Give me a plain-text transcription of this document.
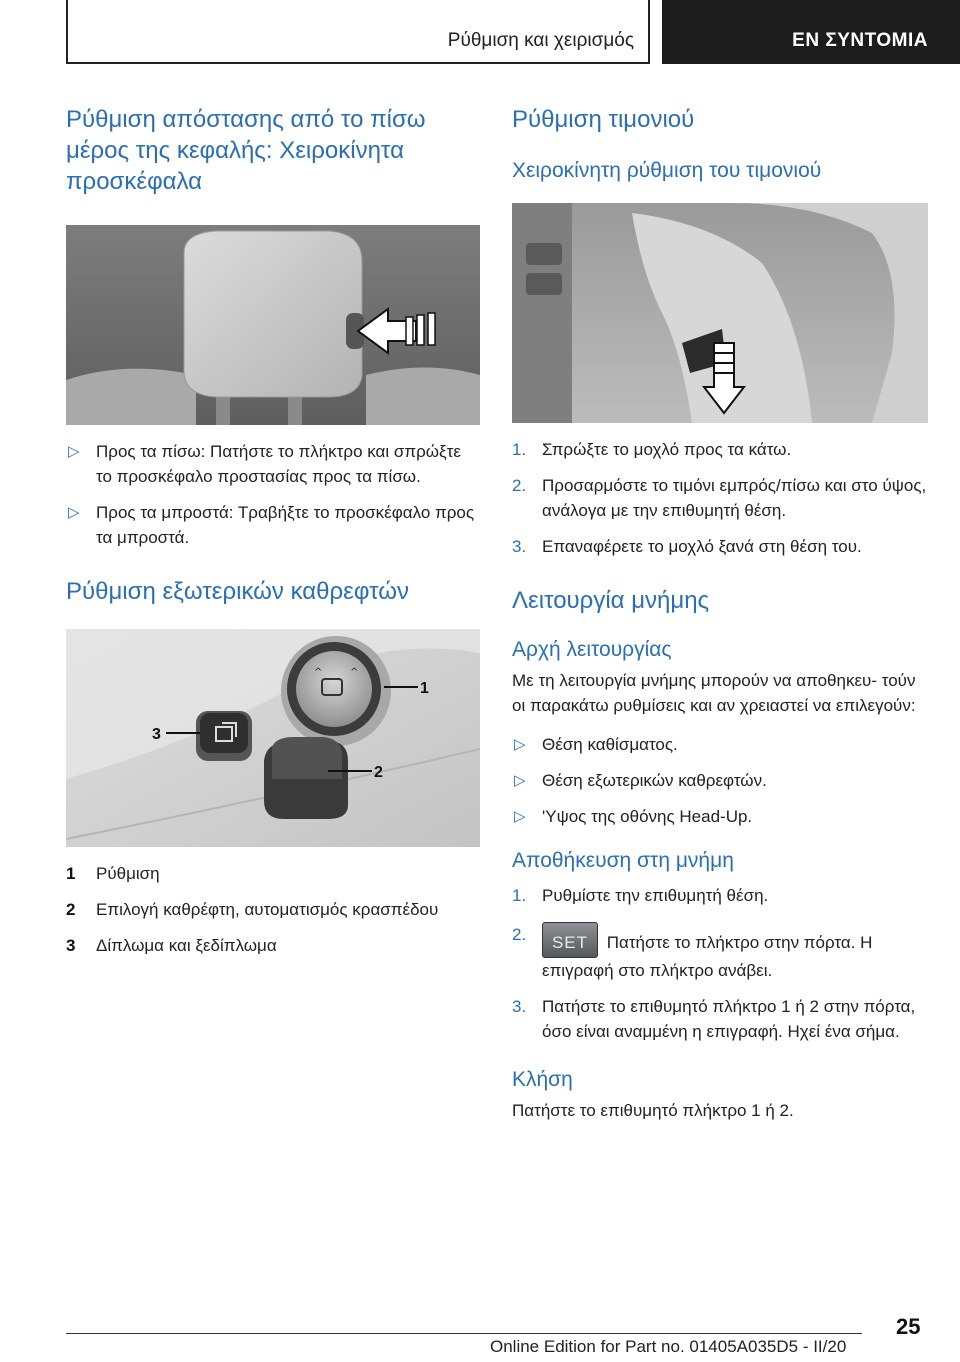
Ρύθμιση και χειρισμός	ΕΝ ΣΥΝΤΟΜΙΑ
Ρύθμιση απόστασης από το πίσω μέρος της κεφαλής: Χειροκίνητα προσκέφαλα
▷ Προς τα πίσω: Πατήστε το πλήκτρο και σπρώξτε το προσκέφαλο προστασίας προς τα πίσω.
▷ Προς τα μπροστά: Τραβήξτε το προσκέφαλο προς τα μπροστά.
Ρύθμιση εξωτερικών καθρεφτών
^	^
1
2
3
1 Ρύθμιση
2 Επιλογή καθρέφτη, αυτοματισμός κρασπέδου
3 Δίπλωμα και ξεδίπλωμα
Ρύθμιση τιμονιού
Χειροκίνητη ρύθμιση του τιμονιού
1. Σπρώξτε το μοχλό προς τα κάτω.
2. Προσαρμόστε το τιμόνι εμπρός/πίσω και στο ύψος, ανάλογα με την επιθυμητή θέση.
3. Επαναφέρετε το μοχλό ξανά στη θέση του.
Λειτουργία μνήμης
Αρχή λειτουργίας

Με τη λειτουργία μνήμης μπορούν να αποθηκευ- τούν οι παρακάτω ρυθμίσεις και αν χρειαστεί να επιλεγούν:

▷ Θέση καθίσματος.
▷ Θέση εξωτερικών καθρεφτών.
▷ 'Υψος της οθόνης Head-Up.
Αποθήκευση στη μνήμη
1. Ρυθμίστε την επιθυμητή θέση.
2.	SET	Πατήστε το πλήκτρο στην πόρτα. Η επιγραφή στο πλήκτρο ανάβει.
3. Πατήστε το επιθυμητό πλήκτρο 1 ή 2 στην πόρτα, όσο είναι αναμμένη η επιγραφή. Ηχεί ένα σήμα.
Κλήση

Πατήστε το επιθυμητό πλήκτρο 1 ή 2.

25
Online Edition for Part no. 01405A035D5 - II/20
